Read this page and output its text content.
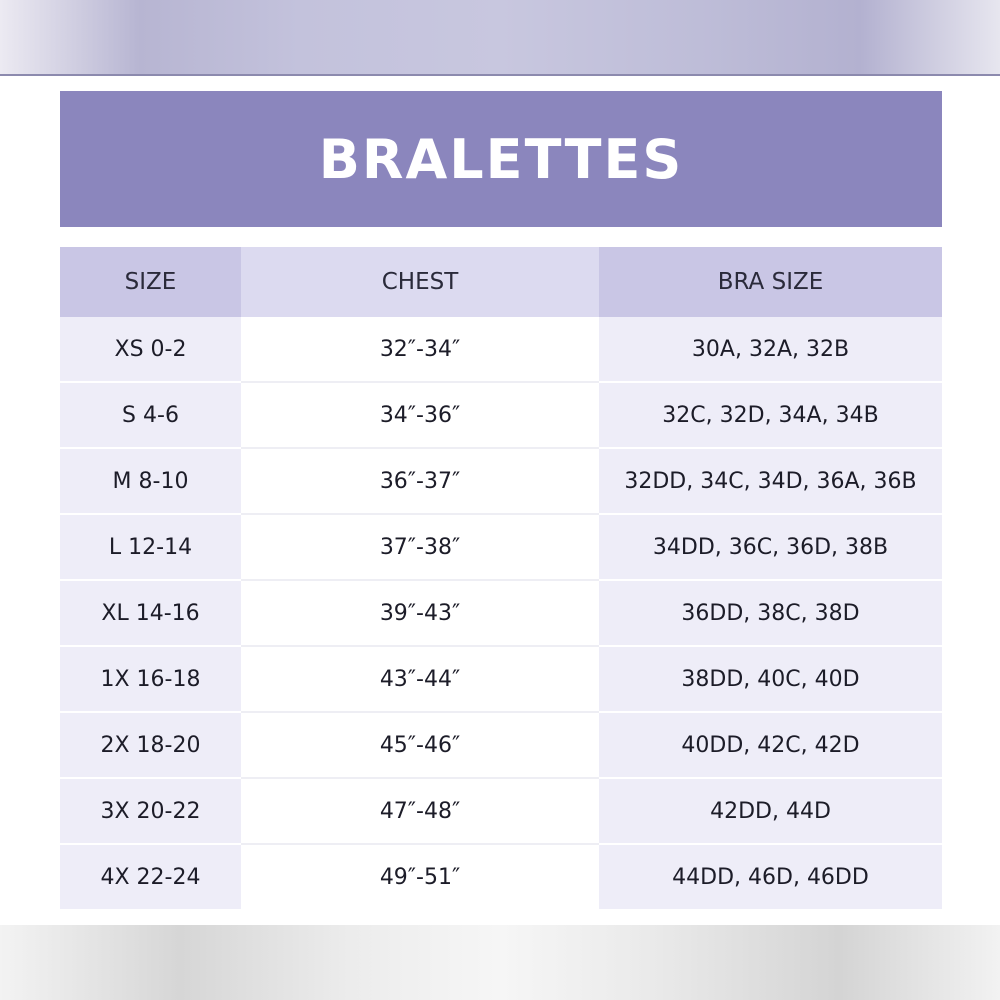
BRALETTES
SIZE	CHEST	BRA SIZE
XS 0-2	32″-34″	30A, 32A, 32B
S 4-6	34″-36″	32C, 32D, 34A, 34B
M 8-10	36″-37″	32DD, 34C, 34D, 36A, 36B
L 12-14	37″-38″	34DD, 36C, 36D, 38B
XL 14-16	39″-43″	36DD, 38C, 38D
1X 16-18	43″-44″	38DD, 40C, 40D
2X 18-20	45″-46″	40DD, 42C, 42D
3X 20-22	47″-48″	42DD, 44D
4X 22-24	49″-51″	44DD, 46D, 46DD
